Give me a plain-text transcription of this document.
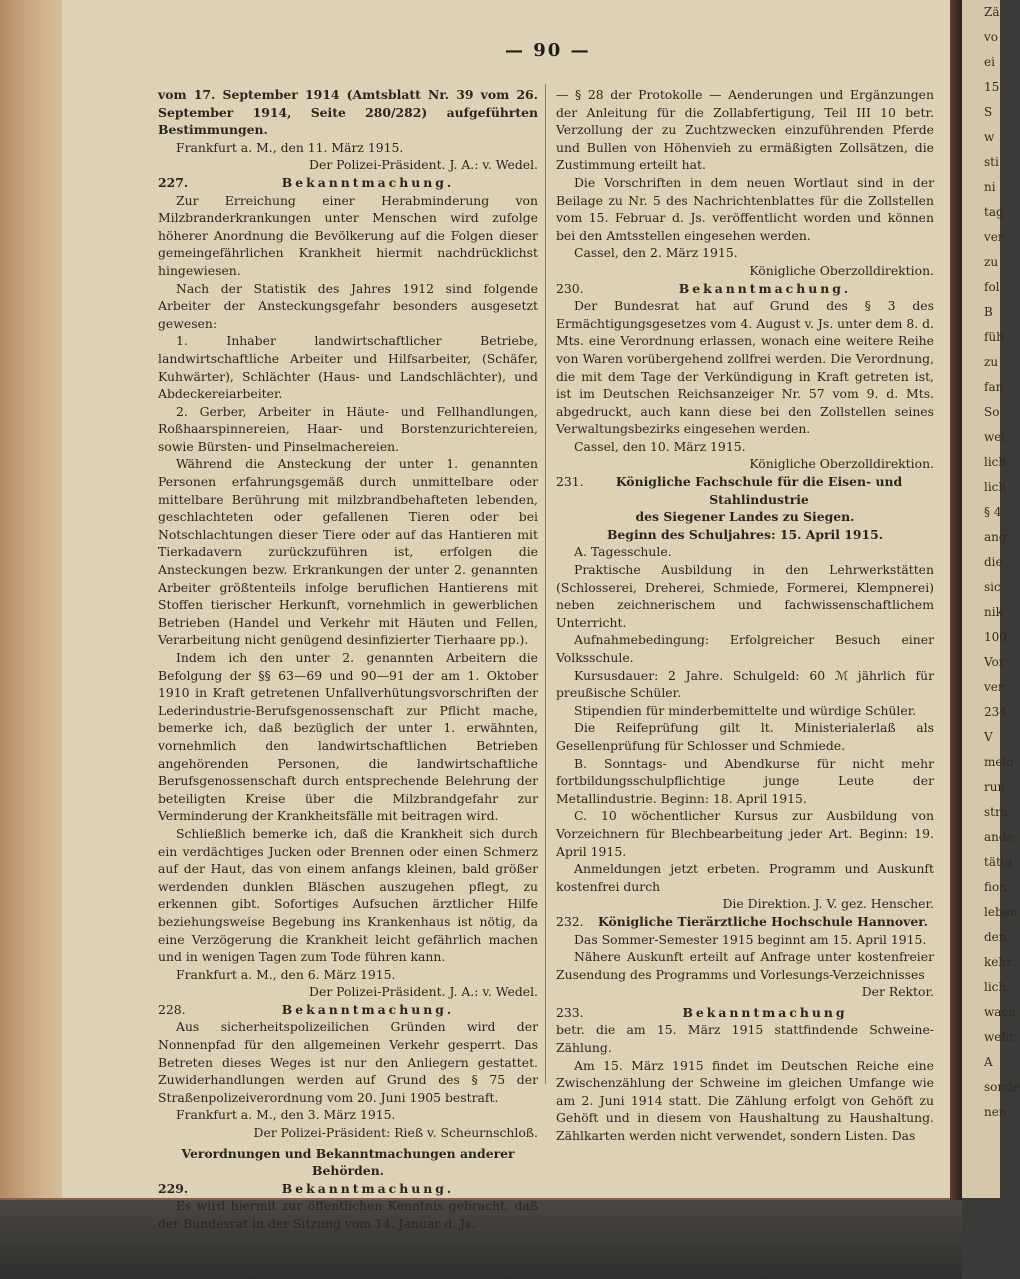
Zä
vo
ei
15
S
w
sti
ni
tag
ver
zu
fol
B
füh
zu
fan
So
wei
lich
lich
§ 4
ang
die
sic
nik
100
Vor
ver
234.
V
melo
run
stra
ande
tätig
fion
leben
den
kehr
lich,
wach
wehr
A
sonde
nen,
— 90 —

vom 17. September 1914 (Amtsblatt Nr. 39 vom 26. September 1914, Seite 280/282) aufgeführten Bestimmungen.

Frankfurt a. M., den 11. März 1915.

Der Polizei-Präsident. J. A.: v. Wedel.

227.	Bekanntmachung.

Zur Erreichung einer Herabminderung von Milzbranderkrankungen unter Menschen wird zufolge höherer Anordnung die Bevölkerung auf die Folgen dieser gemeingefährlichen Krankheit hiermit nachdrücklichst hingewiesen.

Nach der Statistik des Jahres 1912 sind folgende Arbeiter der Ansteckungsgefahr besonders ausgesetzt gewesen:

1. Inhaber landwirtschaftlicher Betriebe, landwirtschaftliche Arbeiter und Hilfsarbeiter, (Schäfer, Kuhwärter), Schlächter (Haus- und Landschlächter), und Abdeckereiarbeiter.

2. Gerber, Arbeiter in Häute- und Fellhandlungen, Roßhaarspinnereien, Haar- und Borstenzurichtereien, sowie Bürsten- und Pinselmachereien.

Während die Ansteckung der unter 1. genannten Personen erfahrungsgemäß durch unmittelbare oder mittelbare Berührung mit milzbrandbehafteten lebenden, geschlachteten oder gefallenen Tieren oder bei Notschlachtungen dieser Tiere oder auf das Hantieren mit Tierkadavern zurückzuführen ist, erfolgen die Ansteckungen bezw. Erkrankungen der unter 2. genannten Arbeiter größtenteils infolge beruflichen Hantierens mit Stoffen tierischer Herkunft, vornehmlich in gewerblichen Betrieben (Handel und Verkehr mit Häuten und Fellen, Verarbeitung nicht genügend desinfizierter Tierhaare pp.).

Indem ich den unter 2. genannten Arbeitern die Befolgung der §§ 63—69 und 90—91 der am 1. Oktober 1910 in Kraft getretenen Unfallverhütungsvorschriften der Lederindustrie-Berufsgenossenschaft zur Pflicht mache, bemerke ich, daß bezüglich der unter 1. erwähnten, vornehmlich den landwirtschaftlichen Betrieben angehörenden Personen, die landwirtschaftliche Berufsgenossenschaft durch entsprechende Belehrung der beteiligten Kreise über die Milzbrandgefahr zur Verminderung der Krankheitsfälle mit beitragen wird.

Schließlich bemerke ich, daß die Krankheit sich durch ein verdächtiges Jucken oder Brennen oder einen Schmerz auf der Haut, das von einem anfangs kleinen, bald größer werdenden dunklen Bläschen auszugehen pflegt, zu erkennen gibt. Sofortiges Aufsuchen ärztlicher Hilfe beziehungsweise Begebung ins Krankenhaus ist nötig, da eine Verzögerung die Krankheit leicht gefährlich machen und in wenigen Tagen zum Tode führen kann.

Frankfurt a. M., den 6. März 1915.

Der Polizei-Präsident. J. A.: v. Wedel.

228.	Bekanntmachung.

Aus sicherheitspolizeilichen Gründen wird der Nonnenpfad für den allgemeinen Verkehr gesperrt. Das Betreten dieses Weges ist nur den Anliegern gestattet. Zuwiderhandlungen werden auf Grund des § 75 der Straßenpolizeiverordnung vom 20. Juni 1905 bestraft.

Frankfurt a. M., den 3. März 1915.

Der Polizei-Präsident: Rieß v. Scheurnschloß.

Verordnungen und Bekanntmachungen anderer Behörden.

229.	Bekanntmachung.

Es wird hiermit zur öffentlichen Kenntnis gebracht, daß der Bundesrat in der Sitzung vom 14. Januar d. Js.

— § 28 der Protokolle — Aenderungen und Ergänzungen der Anleitung für die Zollabfertigung, Teil III 10 betr. Verzollung der zu Zuchtzwecken einzuführenden Pferde und Bullen von Höhenvieh zu ermäßigten Zollsätzen, die Zustimmung erteilt hat.

Die Vorschriften in dem neuen Wortlaut sind in der Beilage zu Nr. 5 des Nachrichtenblattes für die Zollstellen vom 15. Februar d. Js. veröffentlicht worden und können bei den Amtsstellen eingesehen werden.

Cassel, den 2. März 1915.

Königliche Oberzolldirektion.

230.	Bekanntmachung.

Der Bundesrat hat auf Grund des § 3 des Ermächtigungsgesetzes vom 4. August v. Js. unter dem 8. d. Mts. eine Verordnung erlassen, wonach eine weitere Reihe von Waren vorübergehend zollfrei werden. Die Verordnung, die mit dem Tage der Verkündigung in Kraft getreten ist, ist im Deutschen Reichsanzeiger Nr. 57 vom 9. d. Mts. abgedruckt, auch kann diese bei den Zollstellen seines Verwaltungsbezirks eingesehen werden.

Cassel, den 10. März 1915.

Königliche Oberzolldirektion.

231.	Königliche Fachschule für die Eisen- und Stahlindustrie

des Siegener Landes zu Siegen.

Beginn des Schuljahres: 15. April 1915.

A. Tagesschule.

Praktische Ausbildung in den Lehrwerkstätten (Schlosserei, Dreherei, Schmiede, Formerei, Klempnerei) neben zeichnerischem und fachwissenschaftlichem Unterricht.

Aufnahmebedingung: Erfolgreicher Besuch einer Volksschule.

Kursusdauer: 2 Jahre. Schulgeld: 60 ℳ jährlich für preußische Schüler.

Stipendien für minderbemittelte und würdige Schüler.

Die Reifeprüfung gilt lt. Ministerialerlaß als Gesellenprüfung für Schlosser und Schmiede.

B. Sonntags- und Abendkurse für nicht mehr fortbildungsschulpflichtige junge Leute der Metallindustrie. Beginn: 18. April 1915.

C. 10 wöchentlicher Kursus zur Ausbildung von Vorzeichnern für Blechbearbeitung jeder Art. Beginn: 19. April 1915.

Anmeldungen jetzt erbeten. Programm und Auskunft kostenfrei durch

Die Direktion. J. V. gez. Henscher.

232.	Königliche Tierärztliche Hochschule Hannover.

Das Sommer-Semester 1915 beginnt am 15. April 1915.

Nähere Auskunft erteilt auf Anfrage unter kostenfreier Zusendung des Programms und Vorlesungs-Verzeichnisses

Der Rektor.

233.	Bekanntmachung

betr. die am 15. März 1915 stattfindende Schweine-Zählung.

Am 15. März 1915 findet im Deutschen Reiche eine Zwischenzählung der Schweine im gleichen Umfange wie am 2. Juni 1914 statt. Die Zählung erfolgt von Gehöft zu Gehöft und in diesem von Haushaltung zu Haushaltung. Zählkarten werden nicht verwendet, sondern Listen. Das
